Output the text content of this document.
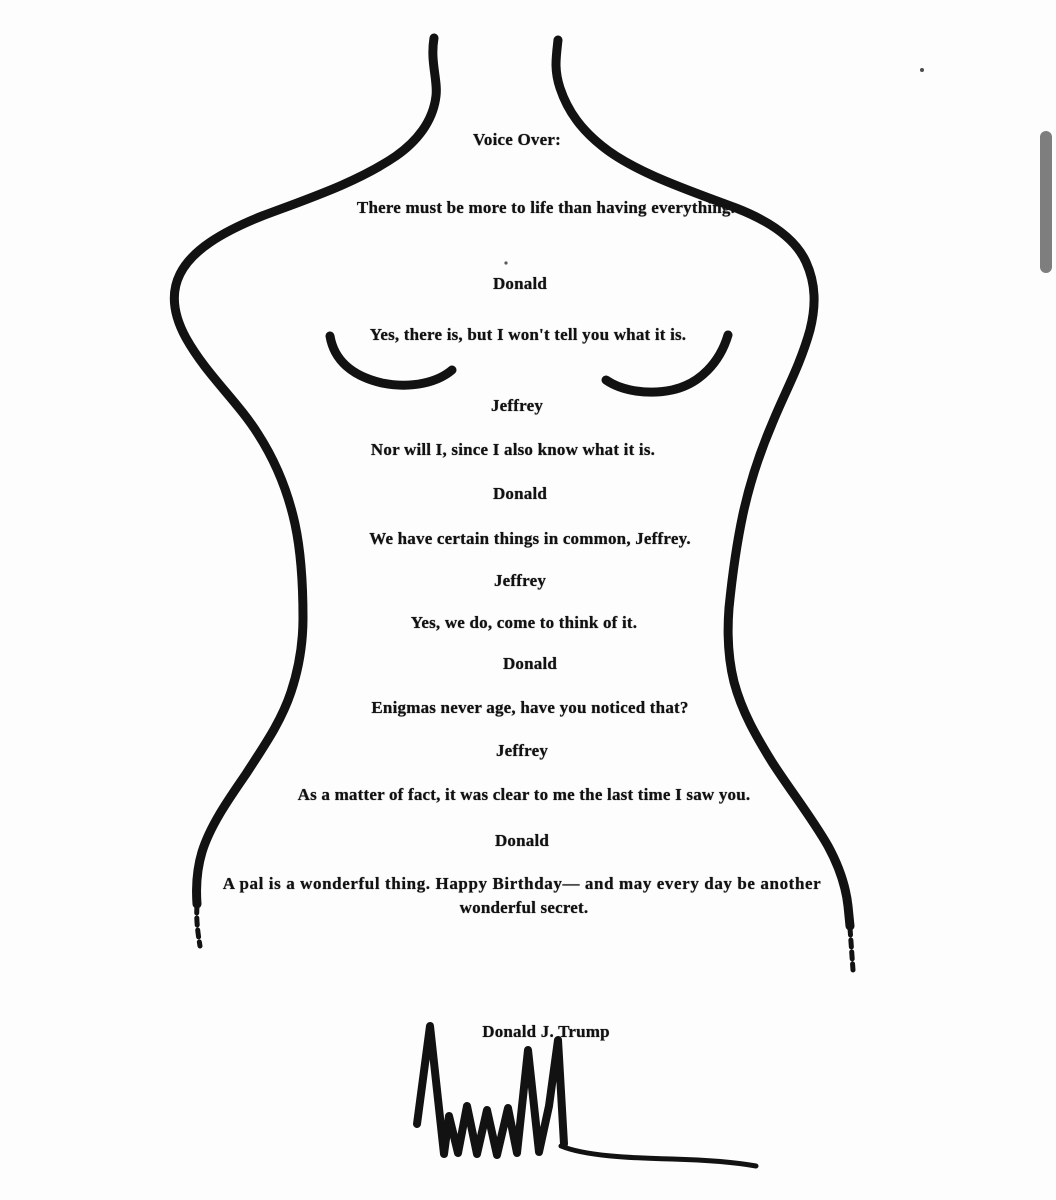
Voice Over:
There must be more to life than having everything.
Donald
Yes, there is, but I won't tell you what it is.
Jeffrey
Nor will I, since I also know what it is.
Donald
We have certain things in common, Jeffrey.
Jeffrey
Yes, we do, come to think of it.
Donald
Enigmas never age, have you noticed that?
Jeffrey
As a matter of fact, it was clear to me the last time I saw you.
Donald
A pal is a wonderful thing. Happy Birthday— and may every day be another
wonderful secret.
Donald J. Trump
